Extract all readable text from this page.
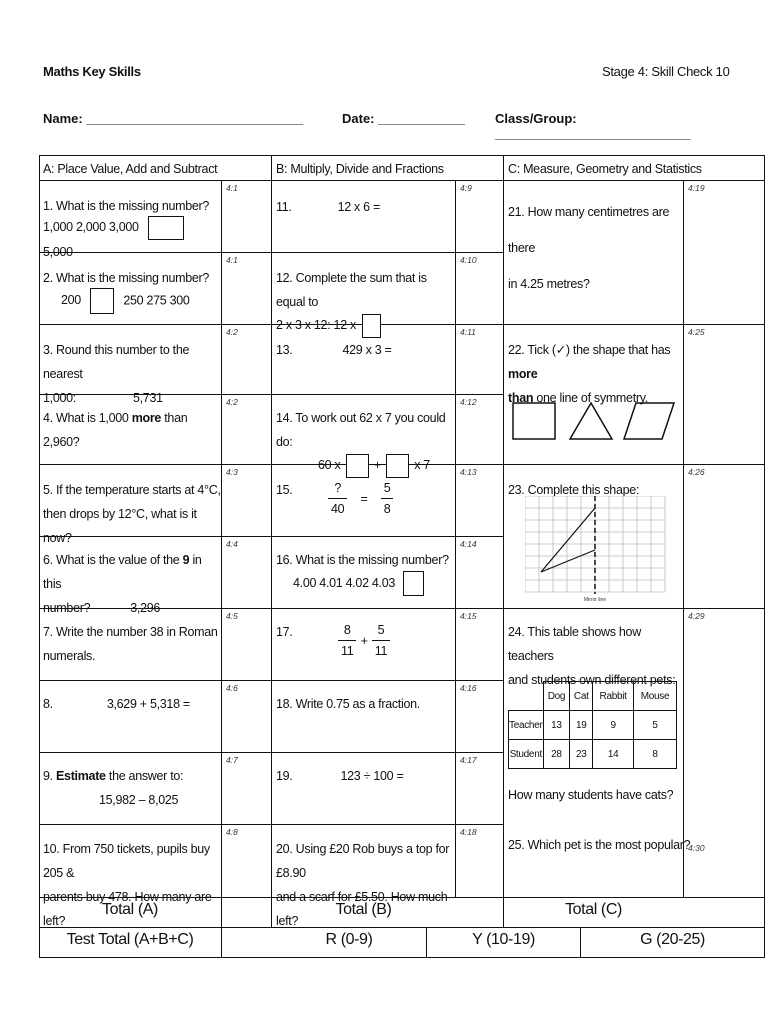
Maths Key Skills	Stage 4: Skill Check 10
Name: ______________________________	Date: ____________ Class/Group: ___________________________
A: Place Value, Add and Subtract	B: Multiply, Divide and Fractions	C: Measure, Geometry and Statistics
4:1
4:1
4:2
4:2
4:3
4:4
4:5
4:6
4:7
4:8
4:9
4:10
4:11
4:12
4:13
4:14
4:15
4:16
4:17
4:18
4:19
4:25
4:26
4:29
4:30
1. What is the missing number?
1,000 2,000 3,000  5,000
2. What is the missing number?
200	250 275 300
3. Round this number to the nearest
1,000:	5,731
4. What is 1,000 more than 2,960?
5. If the temperature starts at 4°C,
then drops by 12°C, what is it now?
6. What is the value of the 9 in this
number?	3,296
7. Write the number 38 in Roman
numerals.
8.	3,629 + 5,318 =
9. Estimate the answer to:
15,982 – 8,025
10. From 750 tickets, pupils buy 205 &
parents buy 478. How many are left?
11.	12 x 6 =
12. Complete the sum that is equal to
2 x 3 x 12: 12 x
13.	429 x 3 =
14. To work out 62 x 7 you could do:
60 x	+	x 7
15.	$\frac{?}{40} = \frac{5}{8}$
16. What is the missing number?
4.00 4.01 4.02 4.03
17.	$\frac{8}{11} + \frac{5}{11}$
18. Write 0.75 as a fraction.
19.	123 ÷ 100 =
20. Using £20 Rob buys a top for £8.90
and a scarf for £5.50. How much left?
21. How many centimetres are there
in 4.25 metres?
22. Tick (✓) the shape that has more
than one line of symmetry.
23. Complete this shape:
Mirror line
24. This table shows how teachers
and students own different pets:
	Dog	Cat	Rabbit	Mouse
Teacher	13	19	9	5
Student	28	23	14	8
How many students have cats?
25. Which pet is the most popular?
Total (A)	Total (B)	Total (C)
Test Total (A+B+C)	R (0-9)	Y (10-19)	G (20-25)
